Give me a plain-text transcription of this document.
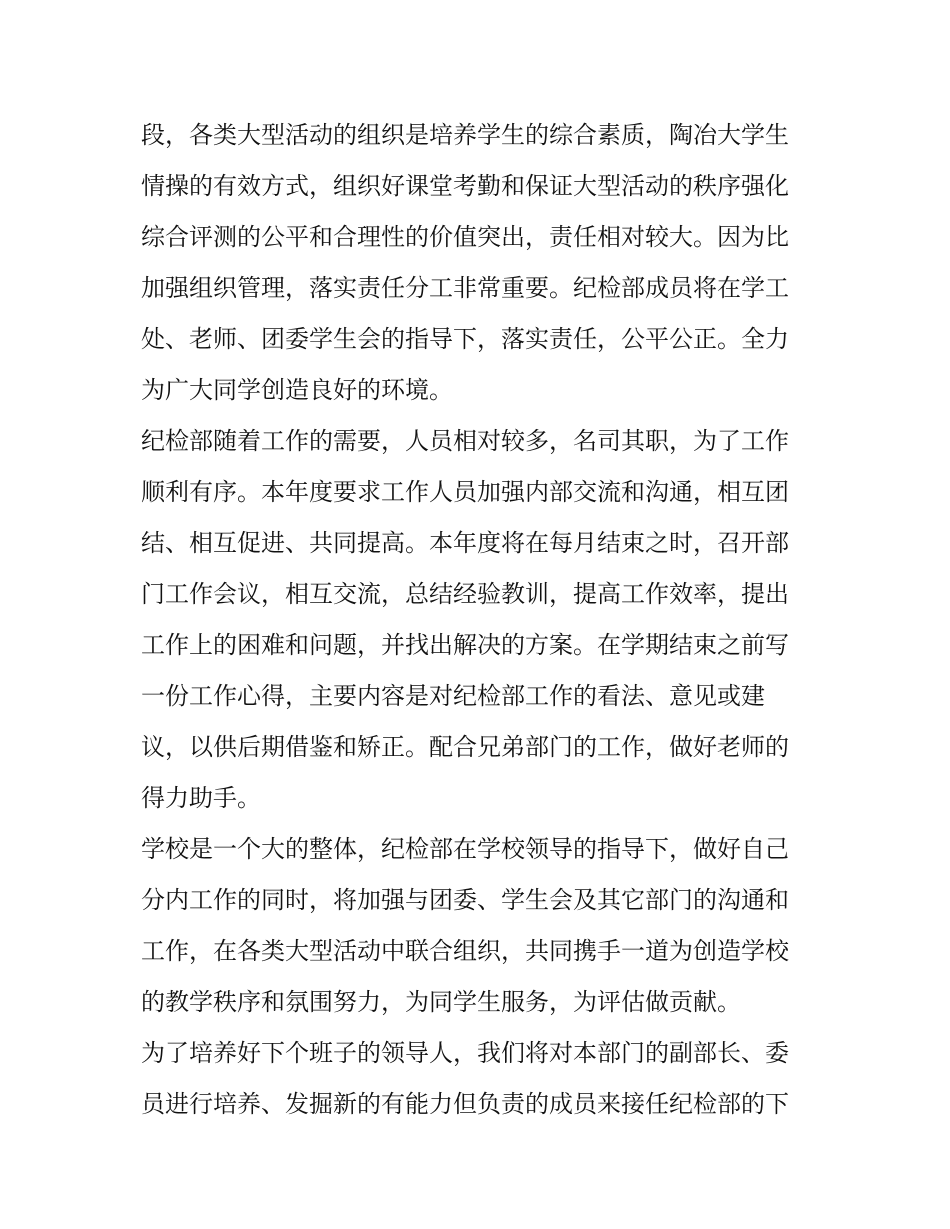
段，各类大型活动的组织是培养学生的综合素质，陶冶大学生
情操的有效方式，组织好课堂考勤和保证大型活动的秩序强化
综合评测的公平和合理性的价值突出，责任相对较大。因为比
加强组织管理，落实责任分工非常重要。纪检部成员将在学工
处、老师、团委学生会的指导下，落实责任，公平公正。全力
为广大同学创造良好的环境。
纪检部随着工作的需要，人员相对较多，名司其职，为了工作
顺利有序。本年度要求工作人员加强内部交流和沟通，相互团
结、相互促进、共同提高。本年度将在每月结束之时，召开部
门工作会议，相互交流，总结经验教训，提高工作效率，提出
工作上的困难和问题，并找出解决的方案。在学期结束之前写
一份工作心得，主要内容是对纪检部工作的看法、意见或建
议，以供后期借鉴和矫正。配合兄弟部门的工作，做好老师的
得力助手。
学校是一个大的整体，纪检部在学校领导的指导下，做好自己
分内工作的同时，将加强与团委、学生会及其它部门的沟通和
工作，在各类大型活动中联合组织，共同携手一道为创造学校
的教学秩序和氛围努力，为同学生服务，为评估做贡献。
为了培养好下个班子的领导人，我们将对本部门的副部长、委
员进行培养、发掘新的有能力但负责的成员来接任纪检部的下
